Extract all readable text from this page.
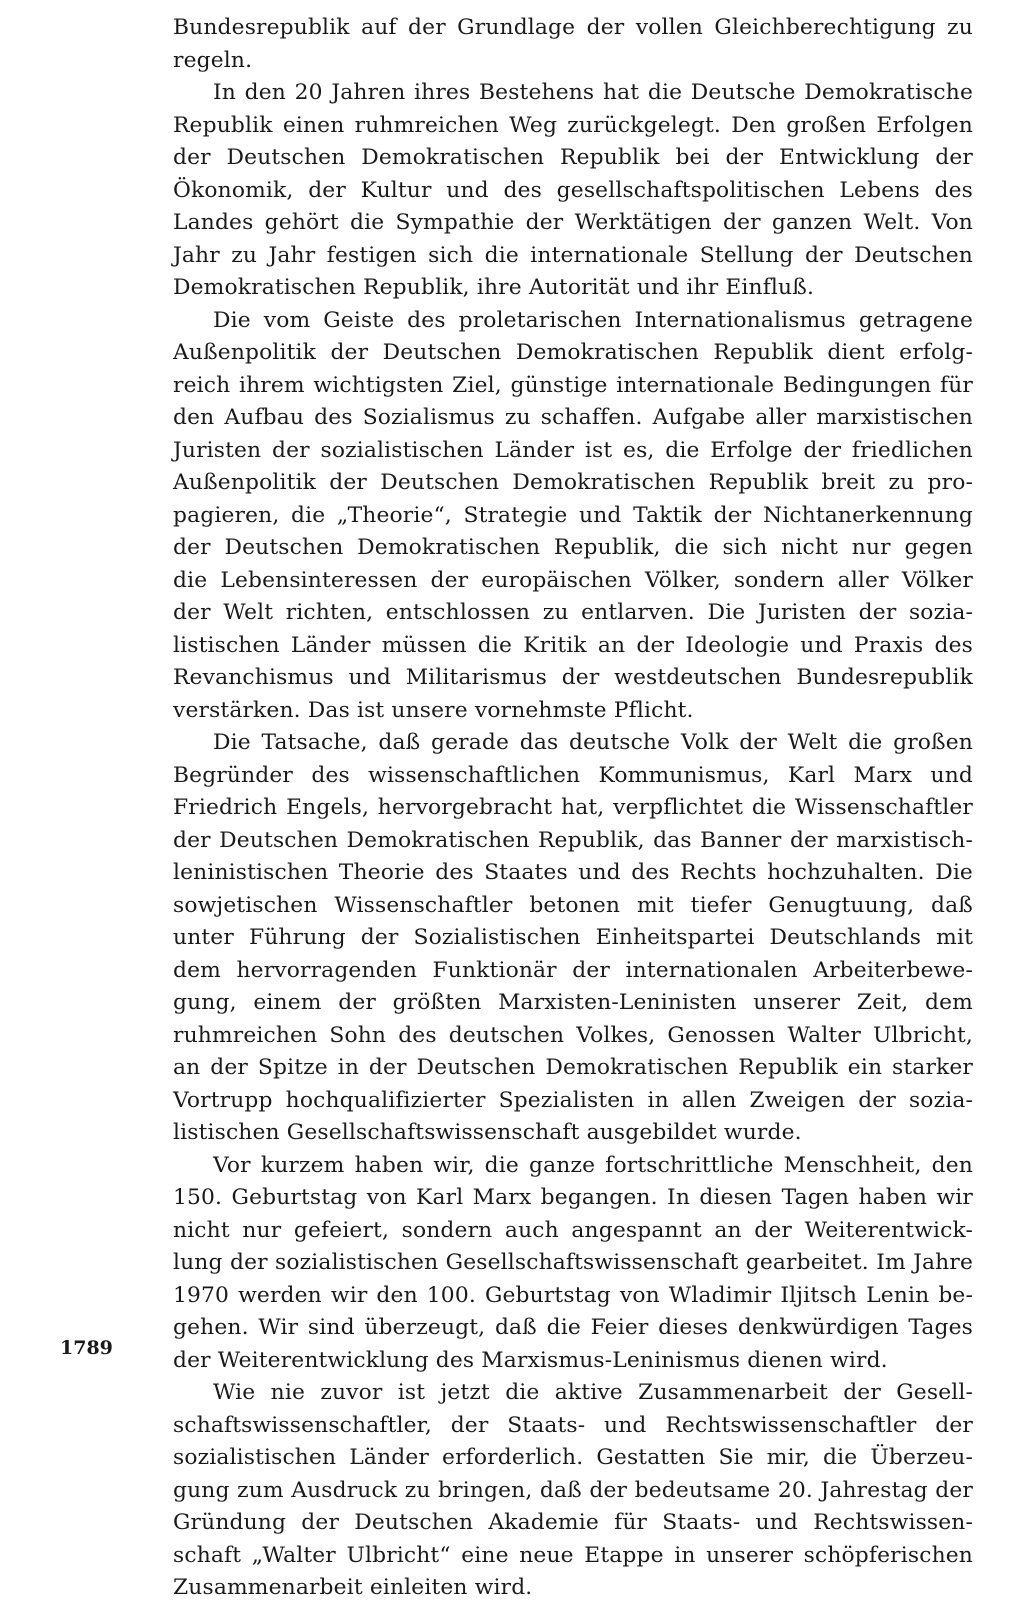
Bundesrepublik auf der Grundlage der vollen Gleichberechtigung zu
regeln.
In den 20 Jahren ihres Bestehens hat die Deutsche Demokratische
Republik einen ruhmreichen Weg zurückgelegt. Den großen Erfolgen
der Deutschen Demokratischen Republik bei der Entwicklung der
Ökonomik, der Kultur und des gesellschaftspolitischen Lebens des
Landes gehört die Sympathie der Werktätigen der ganzen Welt. Von
Jahr zu Jahr festigen sich die internationale Stellung der Deutschen
Demokratischen Republik, ihre Autorität und ihr Einfluß.
Die vom Geiste des proletarischen Internationalismus getragene
Außenpolitik der Deutschen Demokratischen Republik dient erfolg-
reich ihrem wichtigsten Ziel, günstige internationale Bedingungen für
den Aufbau des Sozialismus zu schaffen. Aufgabe aller marxistischen
Juristen der sozialistischen Länder ist es, die Erfolge der friedlichen
Außenpolitik der Deutschen Demokratischen Republik breit zu pro-
pagieren, die „Theorie“, Strategie und Taktik der Nichtanerkennung
der Deutschen Demokratischen Republik, die sich nicht nur gegen
die Lebensinteressen der europäischen Völker, sondern aller Völker
der Welt richten, entschlossen zu entlarven. Die Juristen der sozia-
listischen Länder müssen die Kritik an der Ideologie und Praxis des
Revanchismus und Militarismus der westdeutschen Bundesrepublik
verstärken. Das ist unsere vornehmste Pflicht.
Die Tatsache, daß gerade das deutsche Volk der Welt die großen
Begründer des wissenschaftlichen Kommunismus, Karl Marx und
Friedrich Engels, hervorgebracht hat, verpflichtet die Wissenschaftler
der Deutschen Demokratischen Republik, das Banner der marxistisch-
leninistischen Theorie des Staates und des Rechts hochzuhalten. Die
sowjetischen Wissenschaftler betonen mit tiefer Genugtuung, daß
unter Führung der Sozialistischen Einheitspartei Deutschlands mit
dem hervorragenden Funktionär der internationalen Arbeiterbewe-
gung, einem der größten Marxisten-Leninisten unserer Zeit, dem
ruhmreichen Sohn des deutschen Volkes, Genossen Walter Ulbricht,
an der Spitze in der Deutschen Demokratischen Republik ein starker
Vortrupp hochqualifizierter Spezialisten in allen Zweigen der sozia-
listischen Gesellschaftswissenschaft ausgebildet wurde.
Vor kurzem haben wir, die ganze fortschrittliche Menschheit, den
150. Geburtstag von Karl Marx begangen. In diesen Tagen haben wir
nicht nur gefeiert, sondern auch angespannt an der Weiterentwick-
lung der sozialistischen Gesellschaftswissenschaft gearbeitet. Im Jahre
1970 werden wir den 100. Geburtstag von Wladimir Iljitsch Lenin be-
gehen. Wir sind überzeugt, daß die Feier dieses denkwürdigen Tages
der Weiterentwicklung des Marxismus-Leninismus dienen wird.
Wie nie zuvor ist jetzt die aktive Zusammenarbeit der Gesell-
schaftswissenschaftler, der Staats- und Rechtswissenschaftler der
sozialistischen Länder erforderlich. Gestatten Sie mir, die Überzeu-
gung zum Ausdruck zu bringen, daß der bedeutsame 20. Jahrestag der
Gründung der Deutschen Akademie für Staats- und Rechtswissen-
schaft „Walter Ulbricht“ eine neue Etappe in unserer schöpferischen
Zusammenarbeit einleiten wird.
1789
